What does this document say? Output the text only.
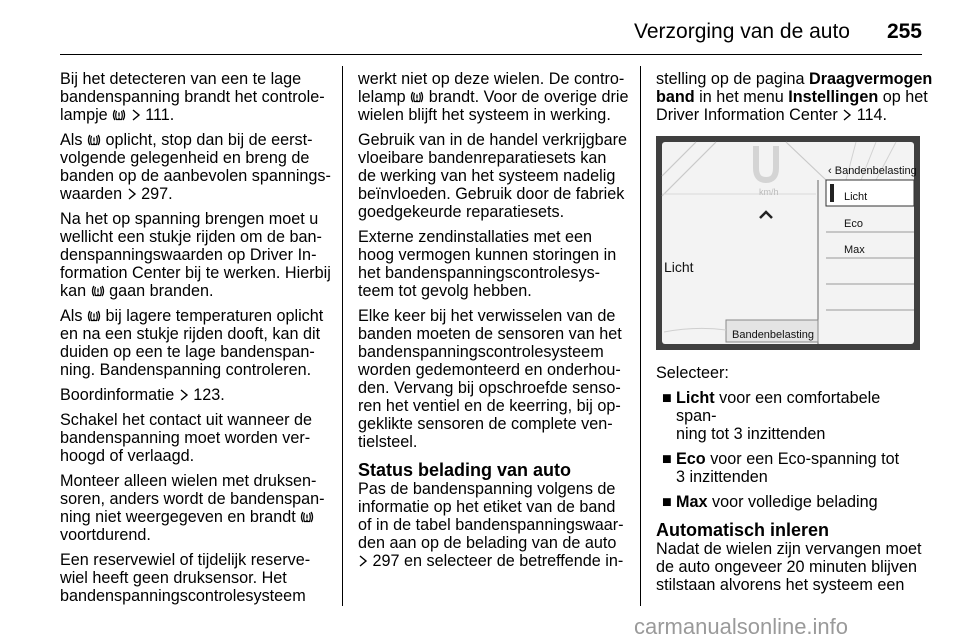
Verzorging van de auto 255

Bij het detecteren van een te lage
bandenspanning brandt het controle-
lampje 111.

Als oplicht, stop dan bij de eerst-
volgende gelegenheid en breng de
banden op de aanbevolen spannings-
waarden 297.

Na het op spanning brengen moet u
wellicht een stukje rijden om de ban-
denspanningswaarden op Driver In-
formation Center bij te werken. Hierbij
kan gaan branden.

Als bij lagere temperaturen oplicht
en na een stukje rijden dooft, kan dit
duiden op een te lage bandenspan-
ning. Bandenspanning controleren.

Boordinformatie 123.

Schakel het contact uit wanneer de
bandenspanning moet worden ver-
hoogd of verlaagd.

Monteer alleen wielen met druksen-
soren, anders wordt de bandenspan-
ning niet weergegeven en brandt
voortdurend.

Een reservewiel of tijdelijk reserve-
wiel heeft geen druksensor. Het
bandenspanningscontrolesysteem

werkt niet op deze wielen. De contro-
lelamp brandt. Voor de overige drie
wielen blijft het systeem in werking.

Gebruik van in de handel verkrijgbare
vloeibare bandenreparatiesets kan
de werking van het systeem nadelig
beïnvloeden. Gebruik door de fabriek
goedgekeurde reparatiesets.

Externe zendinstallaties met een
hoog vermogen kunnen storingen in
het bandenspanningscontrolesys-
teem tot gevolg hebben.

Elke keer bij het verwisselen van de
banden moeten de sensoren van het
bandenspanningscontrolesysteem
worden gedemonteerd en onderhou-
den. Vervang bij opschroefde senso-
ren het ventiel en de keerring, bij op-
geklikte sensoren de complete ven-
tielsteel.

Status belading van auto

Pas de bandenspanning volgens de
informatie op het etiket van de band
of in de tabel bandenspanningswaar-
den aan op de belading van de auto
297 en selecteer de betreffende in-

stelling op de pagina Draagvermogen
band in het menu Instellingen op het
Driver Information Center 114.

km/h
‹ Bandenbelasting
Licht
Eco
Max
Licht
Bandenbelasting

Selecteer:

■ Licht voor een comfortabele span-
ning tot 3 inzittenden
■ Eco voor een Eco-spanning tot
3 inzittenden
■ Max voor volledige belading
Automatisch inleren

Nadat de wielen zijn vervangen moet
de auto ongeveer 20 minuten blijven
stilstaan alvorens het systeem een

carmanualsonline.info
